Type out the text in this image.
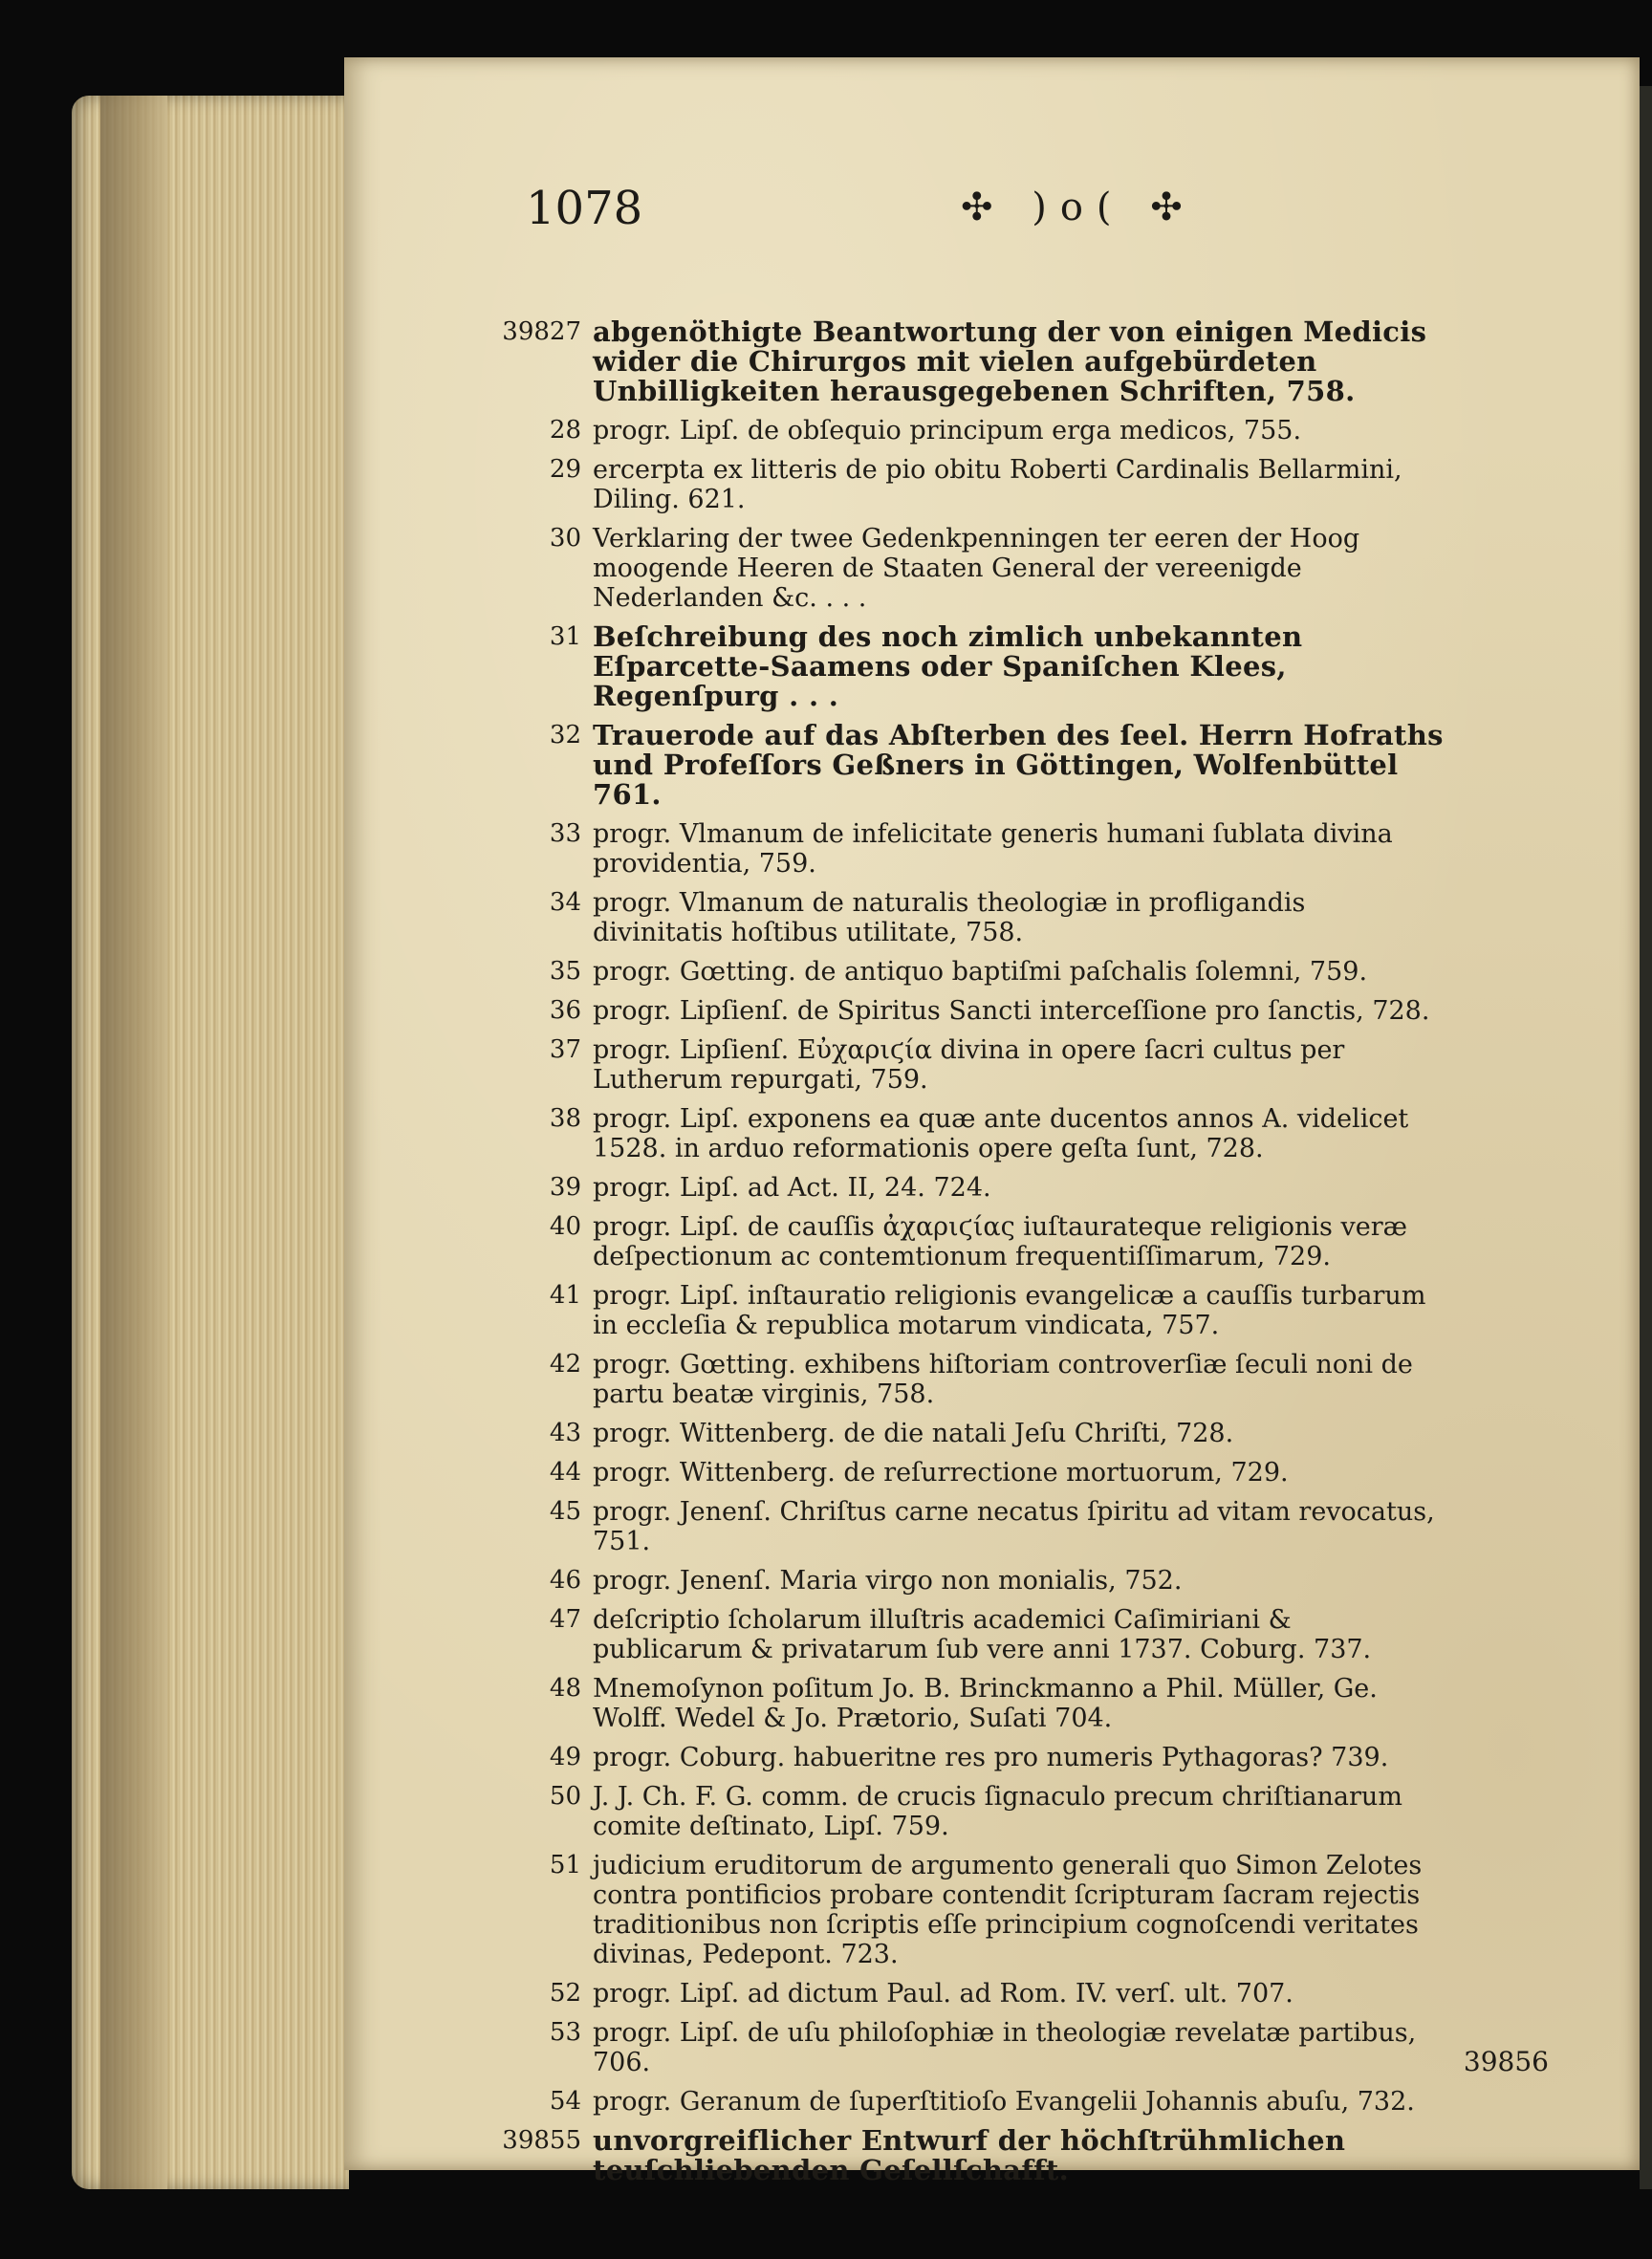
1078	✣ )o( ✣
39827 abgenöthigte Beantwortung der von einigen Medicis wider die Chirurgos mit vielen aufgebürdeten Unbilligkeiten herausgegebenen Schriften, 758.
28 progr. Lipſ. de obſequio principum erga medicos, 755.
29 ercerpta ex litteris de pio obitu Roberti Cardinalis Bellarmini, Diling. 621.
30 Verklaring der twee Gedenkpenningen ter eeren der Hoog moogende Heeren de Staaten General der vereenigde Nederlanden &c. . . .
31 Beſchreibung des noch zimlich unbekannten Eſparcette-Saamens oder Spaniſchen Klees, Regenſpurg . . .
32 Trauerode auf das Abſterben des ſeel. Herrn Hofraths und Profeſſors Geßners in Göttingen, Wolfenbüttel 761.
33 progr. Vlmanum de infelicitate generis humani ſublata divina providentia, 759.
34 progr. Vlmanum de naturalis theologiæ in profligandis divinitatis hoſtibus utilitate, 758.
35 progr. Gœtting. de antiquo baptiſmi paſchalis ſolemni, 759.
36 progr. Lipſienſ. de Spiritus Sancti interceſſione pro ſanctis, 728.
37 progr. Lipſienſ. Εὐχαριϛία divina in opere ſacri cultus per Lutherum repurgati, 759.
38 progr. Lipſ. exponens ea quæ ante ducentos annos A. videlicet 1528. in arduo reformationis opere geſta ſunt, 728.
39 progr. Lipſ. ad Act. II, 24. 724.
40 progr. Lipſ. de cauſſis ἀχαριϛίας iuſtaurateque religionis veræ deſpectionum ac contemtionum frequentiſſimarum, 729.
41 progr. Lipſ. inſtauratio religionis evangelicæ a cauſſis turbarum in eccleſia & republica motarum vindicata, 757.
42 progr. Gœtting. exhibens hiſtoriam controverſiæ ſeculi noni de partu beatæ virginis, 758.
43 progr. Wittenberg. de die natali Jeſu Chriſti, 728.
44 progr. Wittenberg. de reſurrectione mortuorum, 729.
45 progr. Jenenſ. Chriſtus carne necatus ſpiritu ad vitam revocatus, 751.
46 progr. Jenenſ. Maria virgo non monialis, 752.
47 deſcriptio ſcholarum illuſtris academici Caſimiriani & publicarum & privatarum ſub vere anni 1737. Coburg. 737.
48 Mnemoſynon poſitum Jo. B. Brinckmanno a Phil. Müller, Ge. Wolff. Wedel & Jo. Prætorio, Suſati 704.
49 progr. Coburg. habueritne res pro numeris Pythagoras? 739.
50 J. J. Ch. F. G. comm. de crucis ſignaculo precum chriſtianarum comite deſtinato, Lipſ. 759.
51 judicium eruditorum de argumento generali quo Simon Zelotes contra pontificios probare contendit ſcripturam ſacram rejectis traditionibus non ſcriptis eſſe principium cognoſcendi veritates divinas, Pedepont. 723.
52 progr. Lipſ. ad dictum Paul. ad Rom. IV. verſ. ult. 707.
53 progr. Lipſ. de uſu philoſophiæ in theologiæ revelatæ partibus, 706.
54 progr. Geranum de ſuperſtitioſo Evangelii Johannis abuſu, 732.
39855 unvorgreiflicher Entwurf der höchſtrühmlichen teuſchliebenden Geſellſchafft.
39856
